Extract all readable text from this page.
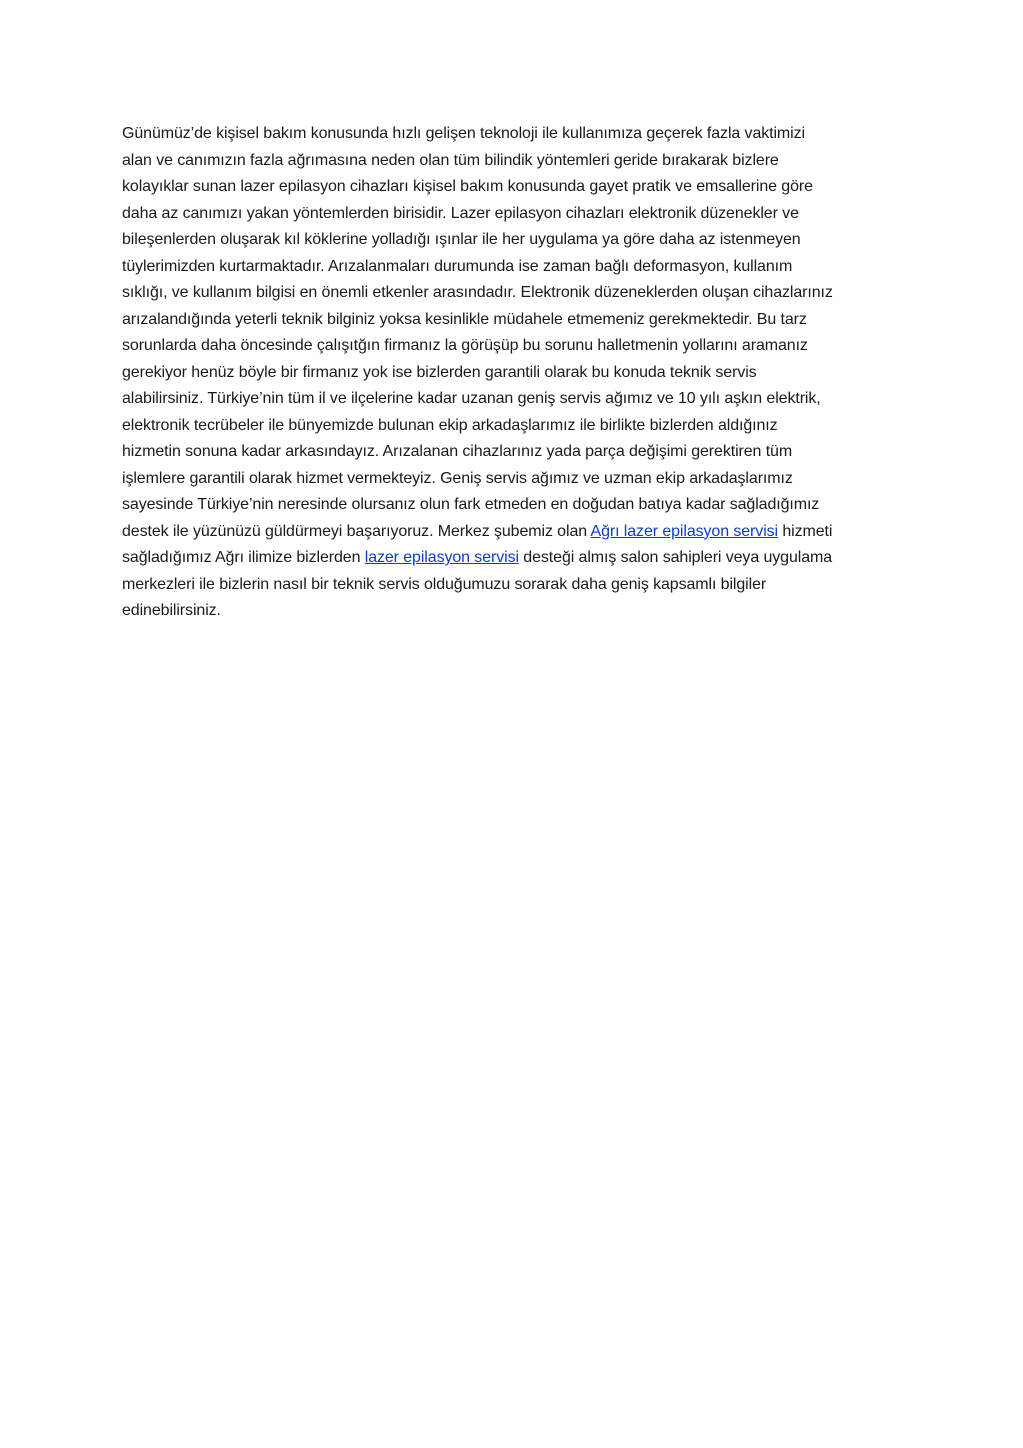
Günümüz’de kişisel bakım konusunda hızlı gelişen teknoloji ile kullanımıza geçerek fazla vaktimizi
alan ve canımızın fazla ağrımasına neden olan tüm bilindik yöntemleri geride bırakarak bizlere
kolayıklar sunan lazer epilasyon cihazları kişisel bakım konusunda gayet pratik ve emsallerine göre
daha az canımızı yakan yöntemlerden birisidir. Lazer epilasyon cihazları elektronik düzenekler ve
bileşenlerden oluşarak kıl köklerine yolladığı ışınlar ile her uygulama ya göre daha az istenmeyen
tüylerimizden kurtarmaktadır. Arızalanmaları durumunda ise zaman bağlı deformasyon, kullanım
sıklığı, ve kullanım bilgisi en önemli etkenler arasındadır. Elektronik düzeneklerden oluşan cihazlarınız
arızalandığında yeterli teknik bilginiz yoksa kesinlikle müdahele etmemeniz gerekmektedir. Bu tarz
sorunlarda daha öncesinde çalışıtğın firmanız la görüşüp bu sorunu halletmenin yollarını aramanız
gerekiyor henüz böyle bir firmanız yok ise bizlerden garantili olarak bu konuda teknik servis
alabilirsiniz. Türkiye’nin tüm il ve ilçelerine kadar uzanan geniş servis ağımız ve 10 yılı aşkın elektrik,
elektronik tecrübeler ile bünyemizde bulunan ekip arkadaşlarımız ile birlikte bizlerden aldığınız
hizmetin sonuna kadar arkasındayız. Arızalanan cihazlarınız yada parça değişimi gerektiren tüm
işlemlere garantili olarak hizmet vermekteyiz. Geniş servis ağımız ve uzman ekip arkadaşlarımız
sayesinde Türkiye’nin neresinde olursanız olun fark etmeden en doğudan batıya kadar sağladığımız
destek ile yüzünüzü güldürmeyi başarıyoruz. Merkez şubemiz olan Ağrı lazer epilasyon servisi hizmeti
sağladığımız Ağrı ilimize bizlerden lazer epilasyon servisi desteği almış salon sahipleri veya uygulama
merkezleri ile bizlerin nasıl bir teknik servis olduğumuzu sorarak daha geniş kapsamlı bilgiler
edinebilirsiniz.
